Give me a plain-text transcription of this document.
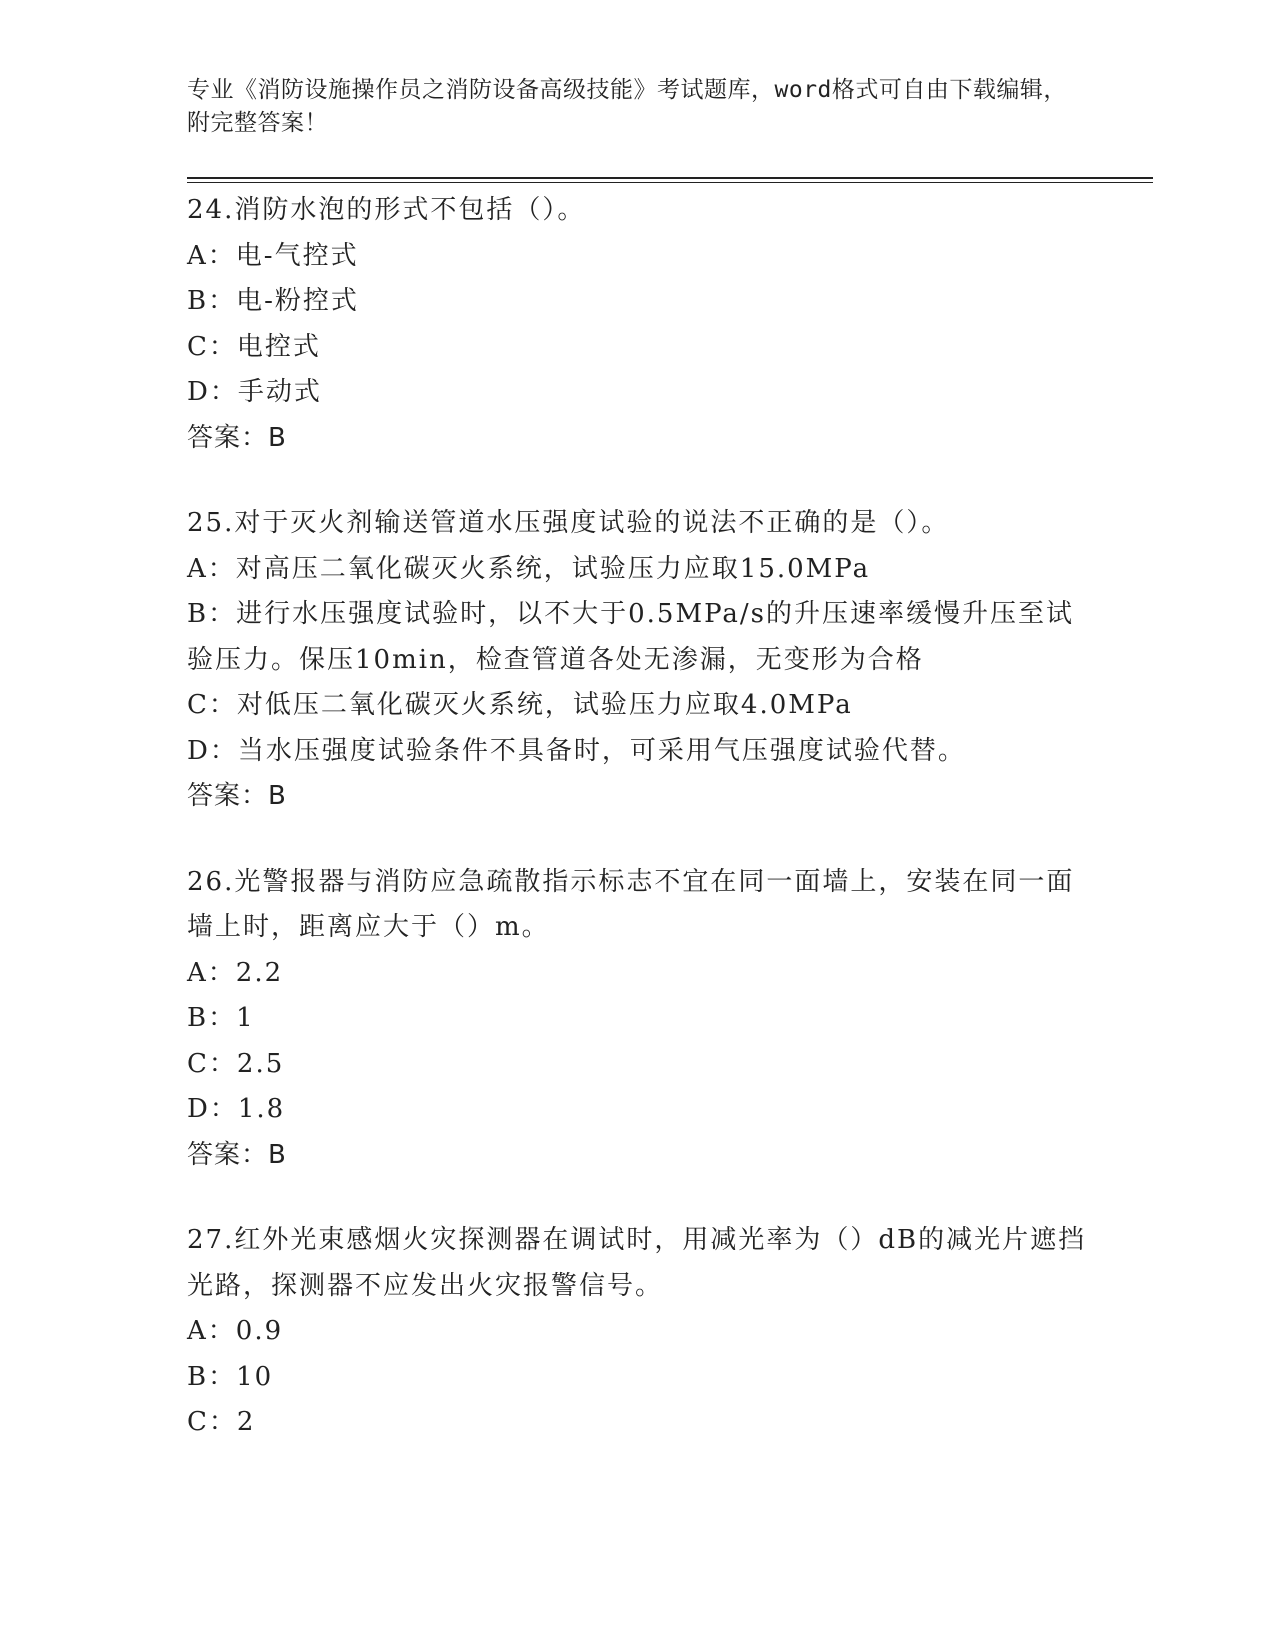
专业《消防设施操作员之消防设备高级技能》考试题库，word格式可自由下载编辑，附完整答案！
24.消防水泡的形式不包括（）。
A：电-气控式
B：电-粉控式
C：电控式
D：手动式
答案：B
25.对于灭火剂输送管道水压强度试验的说法不正确的是（）。
A：对高压二氧化碳灭火系统，试验压力应取15.0MPa
B：进行水压强度试验时，以不大于0.5MPa/s的升压速率缓慢升压至试验压力。保压10min，检查管道各处无渗漏，无变形为合格
C：对低压二氧化碳灭火系统，试验压力应取4.0MPa
D：当水压强度试验条件不具备时，可采用气压强度试验代替。
答案：B
26.光警报器与消防应急疏散指示标志不宜在同一面墙上，安装在同一面墙上时，距离应大于（）m。
A：2.2
B：1
C：2.5
D：1.8
答案：B
27.红外光束感烟火灾探测器在调试时，用减光率为（）dB的减光片遮挡光路，探测器不应发出火灾报警信号。
A：0.9
B：10
C：2
